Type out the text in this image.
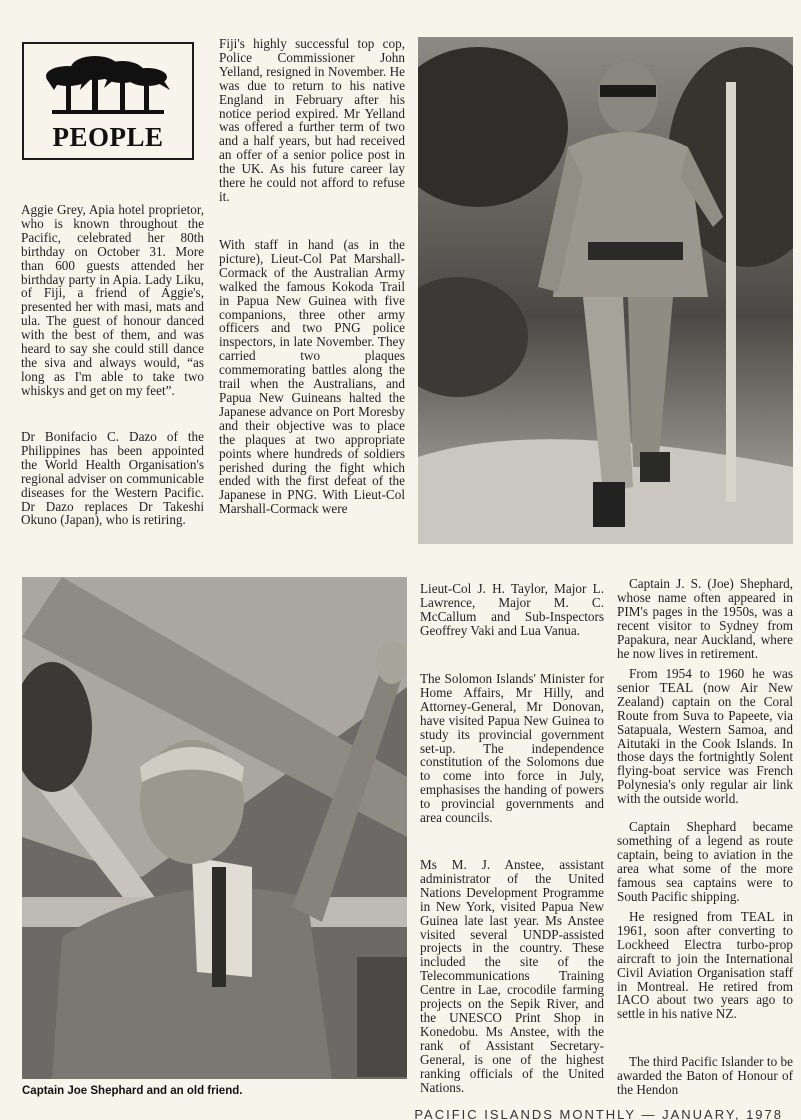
PEOPLE

Aggie Grey, Apia hotel proprietor, who is known throughout the Pacific, celebrated her 80th birthday on October 31. More than 600 guests attended her birthday party in Apia. Lady Liku, of Fiji, a friend of Aggie's, presented her with masi, mats and ula. The guest of honour danced with the best of them, and was heard to say she could still dance the siva and always would, “as long as I'm able to take two whiskys and get on my feet”.

Dr Bonifacio C. Dazo of the Philippines has been appointed the World Health Organisation's regional adviser on communicable diseases for the Western Pacific. Dr Dazo replaces Dr Takeshi Okuno (Japan), who is retiring.

Fiji's highly successful top cop, Police Commissioner John Yelland, resigned in November. He was due to return to his native England in February after his notice period expired. Mr Yelland was offered a further term of two and a half years, but had received an offer of a senior police post in the UK. As his future career lay there he could not afford to refuse it.

With staff in hand (as in the picture), Lieut-Col Pat Marshall-Cormack of the Australian Army walked the famous Kokoda Trail in Papua New Guinea with five companions, three other army officers and two PNG police inspectors, in late November. They carried two plaques commemorating battles along the trail when the Australians, and Papua New Guineans halted the Japanese advance on Port Moresby and their objective was to place the plaques at two appropriate points where hundreds of soldiers perished during the fight which ended with the first defeat of the Japanese in PNG. With Lieut-Col Marshall-Cormack were

Captain Joe Shephard and an old friend.

Lieut-Col J. H. Taylor, Major L. Lawrence, Major M. C. McCallum and Sub-Inspectors Geoffrey Vaki and Lua Vanua.

The Solomon Islands' Minister for Home Affairs, Mr Hilly, and Attorney-General, Mr Donovan, have visited Papua New Guinea to study its provincial government set-up. The independence constitution of the Solomons due to come into force in July, emphasises the handing of powers to provincial governments and area councils.

Ms M. J. Anstee, assistant administrator of the United Nations Development Programme in New York, visited Papua New Guinea late last year. Ms Anstee visited several UNDP-assisted projects in the country. These included the site of the Telecommunications Training Centre in Lae, crocodile farming projects on the Sepik River, and the UNESCO Print Shop in Konedobu. Ms Anstee, with the rank of Assistant Secretary-General, is one of the highest ranking officials of the United Nations.

Captain J. S. (Joe) Shephard, whose name often appeared in PIM's pages in the 1950s, was a recent visitor to Sydney from Papakura, near Auckland, where he now lives in retirement.

From 1954 to 1960 he was senior TEAL (now Air New Zealand) captain on the Coral Route from Suva to Papeete, via Satapuala, Western Samoa, and Aitutaki in the Cook Islands. In those days the fortnightly Solent flying-boat service was French Polynesia's only regular air link with the outside world.

Captain Shephard became something of a legend as route captain, being to aviation in the area what some of the more famous sea captains were to South Pacific shipping.

He resigned from TEAL in 1961, soon after converting to Lockheed Electra turbo-prop aircraft to join the International Civil Aviation Organisation staff in Montreal. He retired from IACO about two years ago to settle in his native NZ.

The third Pacific Islander to be awarded the Baton of Honour of the Hendon

PACIFIC ISLANDS MONTHLY — JANUARY, 1978
